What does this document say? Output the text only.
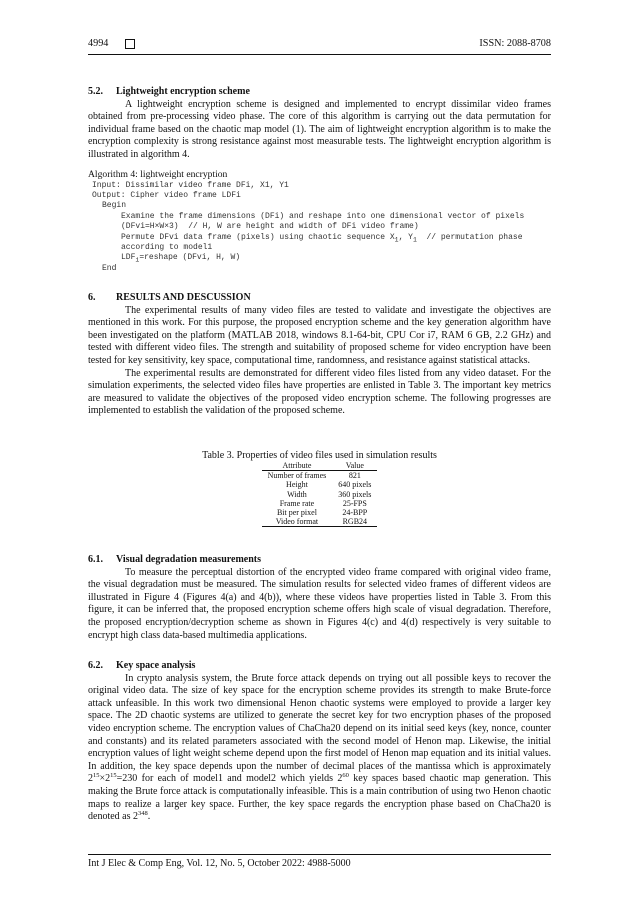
4994	ISSN: 2088-8708
5.2. Lightweight encryption scheme

A lightweight encryption scheme is designed and implemented to encrypt dissimilar video frames obtained from pre-processing video phase. The core of this algorithm is carrying out the data permutation for individual frame based on the chaotic map model (1). The aim of lightweight encryption algorithm is to make the encryption complexity is strong resistance against most measurable tests. The lightweight encryption algorithm is illustrated in algorithm 4.

Algorithm 4: lightweight encryption
Input: Dissimilar video frame DFi, X1, Y1
Output: Cipher video frame LDFi
Begin
Examine the frame dimensions (DFi) and reshape into one dimensional vector of pixels
(DFvi=H×W×3)  // H, W are height and width of DFi video frame)
Permute DFvi data frame (pixels) using chaotic sequence $X_1$, $Y_1$  // permutation phase
according to model1
$LDF_i=reshape$ (DFvi, H, W)
End
6. RESULTS AND DESCUSSION

The experimental results of many video files are tested to validate and investigate the objectives are mentioned in this work. For this purpose, the proposed encryption scheme and the key generation algorithm have been investigated on the platform (MATLAB 2018, windows 8.1-64-bit, CPU Cor i7, RAM 6 GB, 2.2 GHz) and tested with different video files. The strength and suitability of proposed scheme for video encryption have been tested for key sensitivity, key space, computational time, randomness, and resistance against statistical attacks.

The experimental results are demonstrated for different video files listed from any video dataset. For the simulation experiments, the selected video files have properties are enlisted in Table 3. The important key metrics are measured to validate the objectives of the proposed video encryption scheme. The following progresses are implemented to establish the validation of the proposed scheme.

Table 3. Properties of video files used in simulation results
Attribute	Value
Number of frames	821
Height	640 pixels
Width	360 pixels
Frame rate	25-FPS
Bit per pixel	24-BPP
Video format	RGB24
6.1. Visual degradation measurements

To measure the perceptual distortion of the encrypted video frame compared with original video frame, the visual degradation must be measured. The simulation results for selected video frames of different videos are illustrated in Figure 4 (Figures 4(a) and 4(b)), where these videos have properties listed in Table 3. From this figure, it can be inferred that, the proposed encryption scheme offers high scale of visual degradation. Therefore, the proposed encryption/decryption scheme as shown in Figures 4(c) and 4(d) respectively is very suitable to encrypt high class data-based multimedia applications.

6.2. Key space analysis

In crypto analysis system, the Brute force attack depends on trying out all possible keys to recover the original video data. The size of key space for the encryption scheme provides its strength to make Brute-force attack unfeasible. In this work two dimensional Henon chaotic systems were employed to provide a larger key space. The 2D chaotic systems are utilized to generate the secret key for two encryption phases of the proposed video encryption scheme. The encryption values of ChaCha20 depend on its initial seed keys (key, nonce, counter and constants) and its related parameters associated with the second model of Henon map. Likewise, the initial encryption values of light weight scheme depend upon the first model of Henon map equation and its initial values. In addition, the key space depends upon the number of decimal places of the mantissa which is approximately $2^{15}\times 2^{15}=230$ for each of model1 and model2 which yields $2^{60}$ key spaces based chaotic map generation. This making the Brute force attack is computationally infeasible. This is a main contribution of using two Henon chaotic maps to realize a larger key space. Further, the key space regards the encryption phase based on ChaCha20 is denoted as $2^{348}$.

Int J Elec & Comp Eng, Vol. 12, No. 5, October 2022: 4988-5000
